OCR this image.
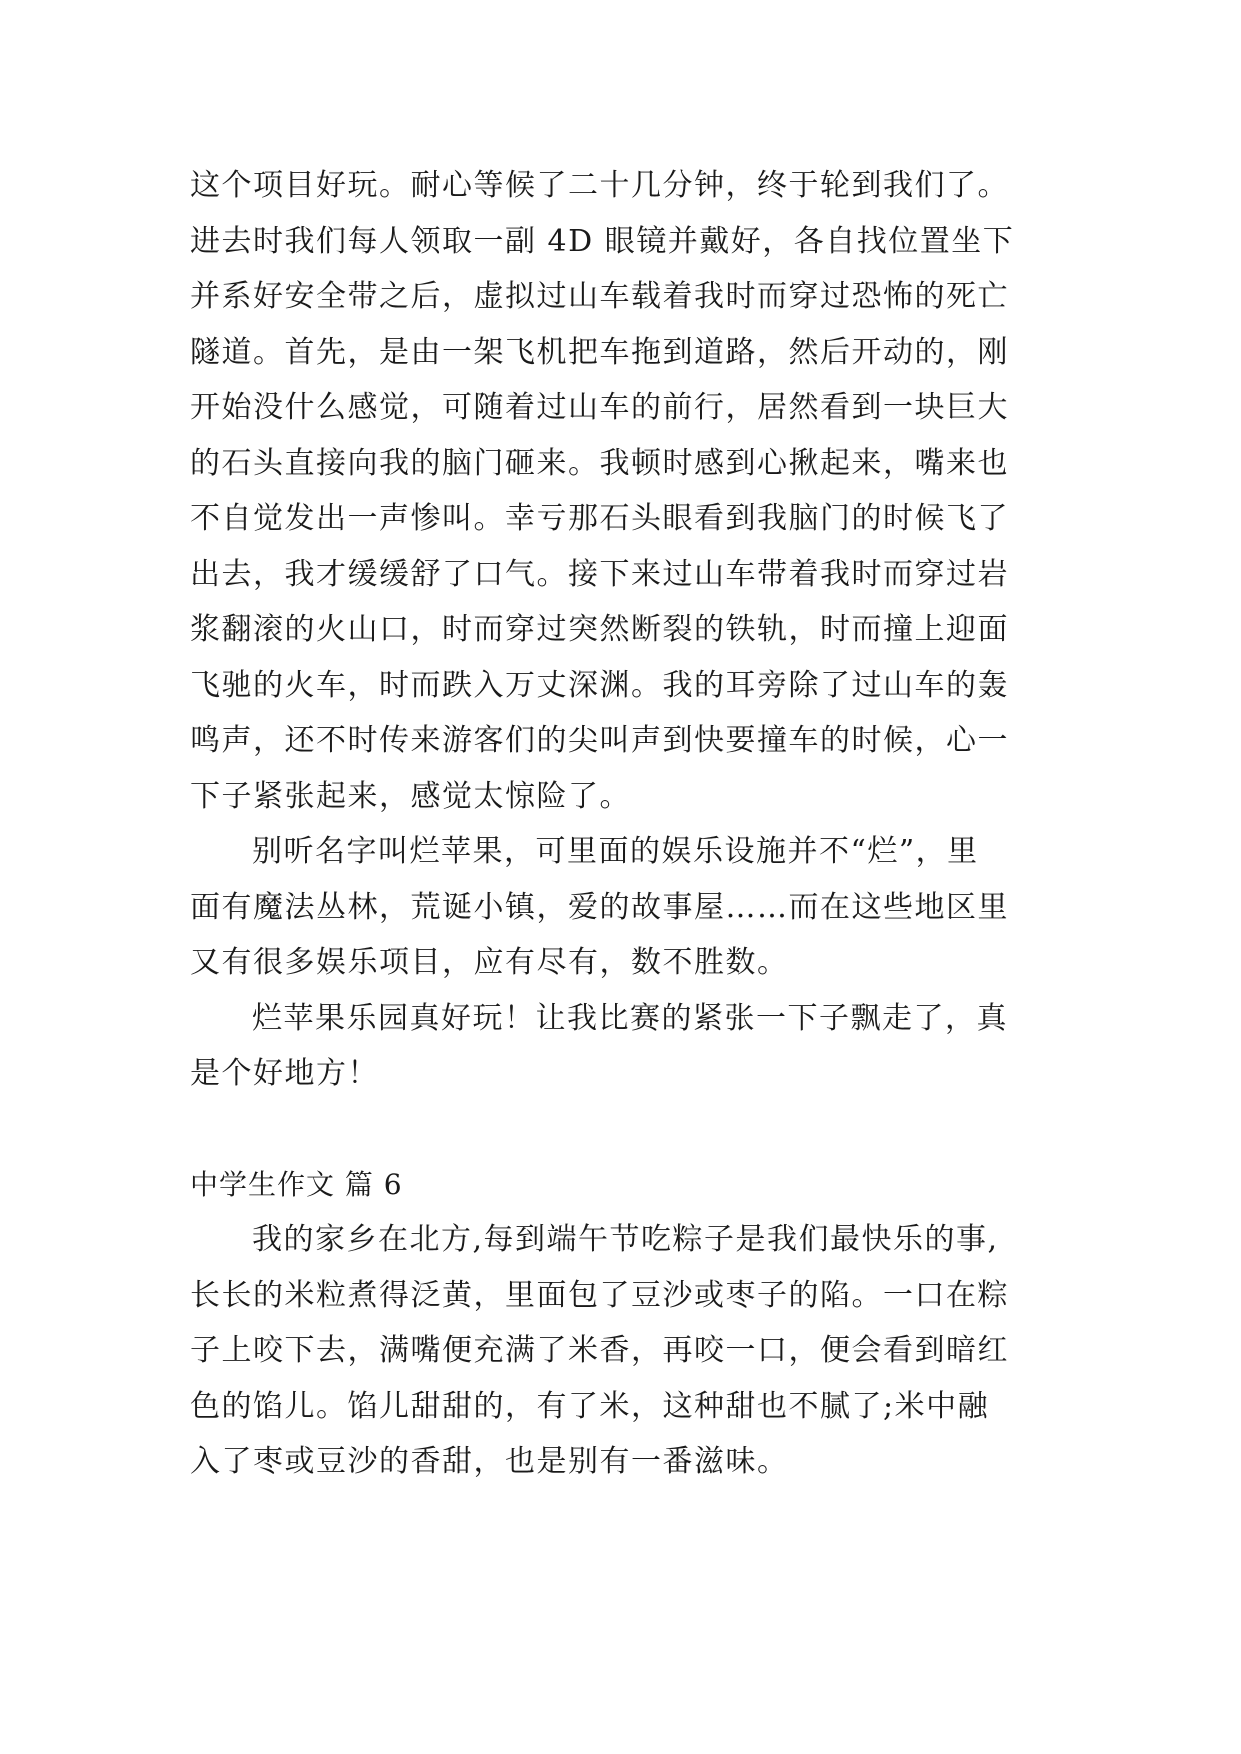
这个项目好玩。耐心等候了二十几分钟，终于轮到我们了。
进去时我们每人领取一副 4D 眼镜并戴好，各自找位置坐下
并系好安全带之后，虚拟过山车载着我时而穿过恐怖的死亡
隧道。首先，是由一架飞机把车拖到道路，然后开动的，刚
开始没什么感觉，可随着过山车的前行，居然看到一块巨大
的石头直接向我的脑门砸来。我顿时感到心揪起来，嘴来也
不自觉发出一声惨叫。幸亏那石头眼看到我脑门的时候飞了
出去，我才缓缓舒了口气。接下来过山车带着我时而穿过岩
浆翻滚的火山口，时而穿过突然断裂的铁轨，时而撞上迎面
飞驰的火车，时而跌入万丈深渊。我的耳旁除了过山车的轰
鸣声，还不时传来游客们的尖叫声到快要撞车的时候，心一
下子紧张起来，感觉太惊险了。
别听名字叫烂苹果，可里面的娱乐设施并不“烂”，里
面有魔法丛林，荒诞小镇，爱的故事屋……而在这些地区里
又有很多娱乐项目，应有尽有，数不胜数。
烂苹果乐园真好玩！让我比赛的紧张一下子飘走了，真
是个好地方！
中学生作文 篇 6
我的家乡在北方,每到端午节吃粽子是我们最快乐的事,
长长的米粒煮得泛黄，里面包了豆沙或枣子的陷。一口在粽
子上咬下去，满嘴便充满了米香，再咬一口，便会看到暗红
色的馅儿。馅儿甜甜的，有了米，这种甜也不腻了;米中融
入了枣或豆沙的香甜，也是别有一番滋味。
